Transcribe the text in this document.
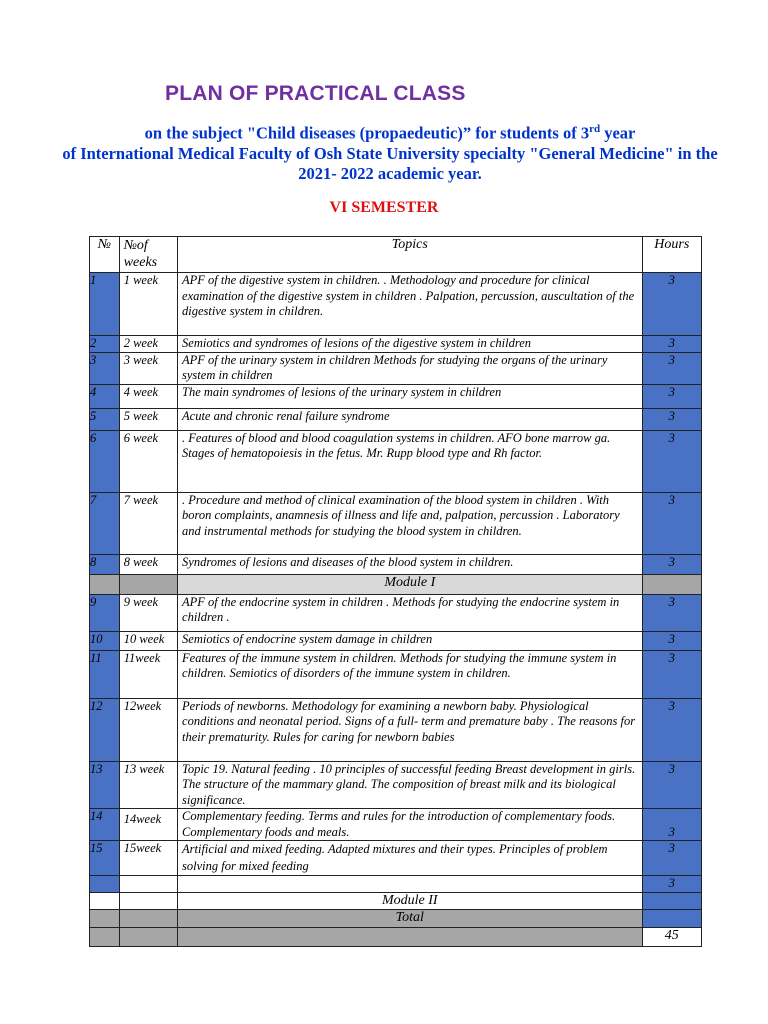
PLAN OF PRACTICAL CLASS
on the subject "Child diseases (propaedeutic)” for students of 3rd year
of International Medical Faculty of Osh State University specialty "General Medicine" in the 2021- 2022 academic year.
VI SEMESTER
№	№of weeks	Topics	Hours
1	1 week	APF of the digestive system in children. . Methodology and procedure for clinical examination of the digestive system in children . Palpation, percussion, auscultation of the digestive system in children.	3
2	2 week	Semiotics and syndromes of lesions of the digestive system in children	3
3	3 week	APF of the urinary system in children Methods for studying the organs of the urinary system in children	3
4	4 week	The main syndromes of lesions of the urinary system in children	3
5	5 week	Acute and chronic renal failure syndrome	3
6	6 week	. Features of blood and blood coagulation systems in children. AFO bone marrow ga. Stages of hematopoiesis in the fetus. Mr. Rupp blood type and Rh factor.	3
7	7 week	. Procedure and method of clinical examination of the blood system in children . With boron complaints, anamnesis of illness and life and, palpation, percussion . Laboratory and instrumental methods for studying the blood system in children.	3
8	8 week	Syndromes of lesions and diseases of the blood system in children.	3
		Module I	
9	9 week	APF of the endocrine system in children . Methods for studying the endocrine system in children .	3
10	10 week	Semiotics of endocrine system damage in children	3
11	11week	Features of the immune system in children. Methods for studying the immune system in children. Semiotics of disorders of the immune system in children.	3
12	12week	Periods of newborns. Methodology for examining a newborn baby. Physiological conditions and neonatal period. Signs of a full- term and premature baby . The reasons for their prematurity. Rules for caring for newborn babies	3
13	13 week	Topic 19. Natural feeding . 10 principles of successful feeding Breast development in girls. The structure of the mammary gland. The composition of breast milk and its biological significance.	3
14	14week	Complementary feeding. Terms and rules for the introduction of complementary foods. Complementary foods and meals.	3
15	15week	Artificial and mixed feeding. Adapted mixtures and their types. Principles of problem solving for mixed feeding	3
			3
		Module II	
		Total	
			45
